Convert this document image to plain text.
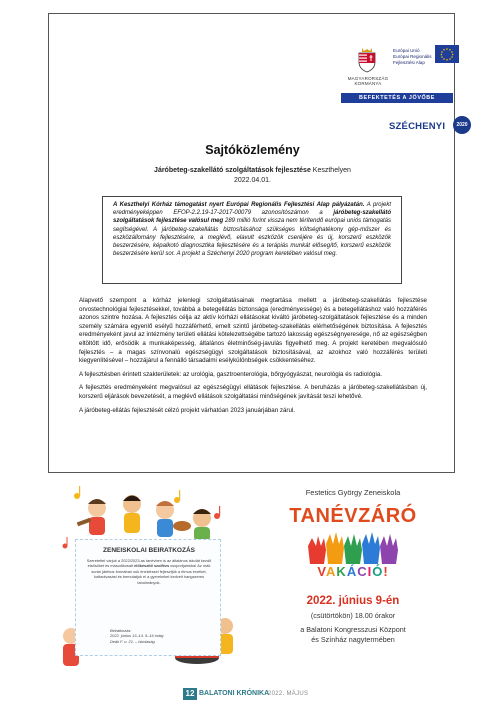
MAGYARORSZÁG KORMÁNYA
Európai Unió
Európai Regionális
Fejlesztési Alap
BEFEKTETÉS A JÖVŐBE
SZÉCHENYI	2020
Sajtóközlemény
Járóbeteg-szakellátó szolgáltatások fejlesztése Keszthelyen
2022.04.01.
A Keszthelyi Kórház támogatást nyert Európai Regionális Fejlesztési Alap pályázatán. A projekt eredményeképpen EFOP-2.2.19-17-2017-00079 azonosítószámon a járóbeteg-szakellátó szolgáltatások fejlesztése valósul meg 289 millió forint vissza nem térítendő európai uniós támogatás segítségével. A járóbeteg-szakellátás biztosításához szükséges költséghatékony gép-műszer és eszközállomány fejlesztésére, a meglévő, elavult eszközök cseréjére és új, korszerű eszközök beszerzésére, képalkotó diagnosztika fejlesztésére és a terápiás munkát elősegítő, korszerű eszközök beszerzésére kerül sor. A projekt a Széchenyi 2020 program keretében valósul meg.

Alapvető szempont a kórház jelenlegi szolgáltatásainak megtartása mellett a járóbeteg-szakellátás fejlesztése orvostechnológiai fejlesztésekkel, továbbá a betegellátás biztonsága (eredményessége) és a betegellátáshoz való hozzáférés azonos szintre hozása. A fejlesztés célja az aktív kórházi ellátásokat kiváltó járóbeteg-szolgáltatások fejlesztése és a minden személy számára egyenlő esélyű hozzáférhető, emelt szintű járóbeteg-szakellátás elérhetőségének biztosítása. A fejlesztés eredményeként javul az intézmény területi ellátási kötelezettségébe tartozó lakosság egészségnyeresége, nő az egészségben eltöltött idő, erősödik a munkaképesség, általános életminőség-javulás figyelhető meg. A projekt keretében megvalósuló fejlesztés – a magas színvonalú egészségügyi szolgáltatások biztosításával, az azokhoz való hozzáférés területi kiegyenlítésével – hozzájárul a fennálló társadalmi esélykülönbségek csökkentéséhez.

A fejlesztésben érintett szakterületek: az urológia, gasztroenterológia, bőrgyógyászat, neurológia és radiológia.

A fejlesztés eredményeként megvalósul az egészségügyi ellátások fejlesztése. A beruházás a járóbeteg-szakellátásban új, korszerű eljárások bevezetését, a meglévő ellátások szolgáltatási minőségének javítását teszi lehetővé.

A járóbeteg-ellátás fejlesztését célzó projekt várhatóan 2023 januárjában zárul.

ZENEISKOLAI BEIRATKOZÁS
Szeretettel várjuk a 2022/2023-as tanévben is az általános iskolát kezdő elsősöket és másodikosait előkészítő szolfézs csoportjainkba! Az órák során játékos formában sok énekléssel fejlesztjük a ritmus érzéket, kottaolvasást és bemutatjuk el a gyerekeket kedvelt hangszeres tanulmányok.
Beiratkozás:
2022. június 13–14. 9–16 óráig
Deák F. u. 21. – Iskolaság
Festetics György Zeneiskola
TANÉVZÁRÓ
VAKÁCIÓ!
2022. június 9-én
(csütörtökön) 18.00 órakor
a Balatoni Kongresszusi Központ
és Színház nagytermében
12 BALATONI KRÓNIKA
2022. MÁJUS
